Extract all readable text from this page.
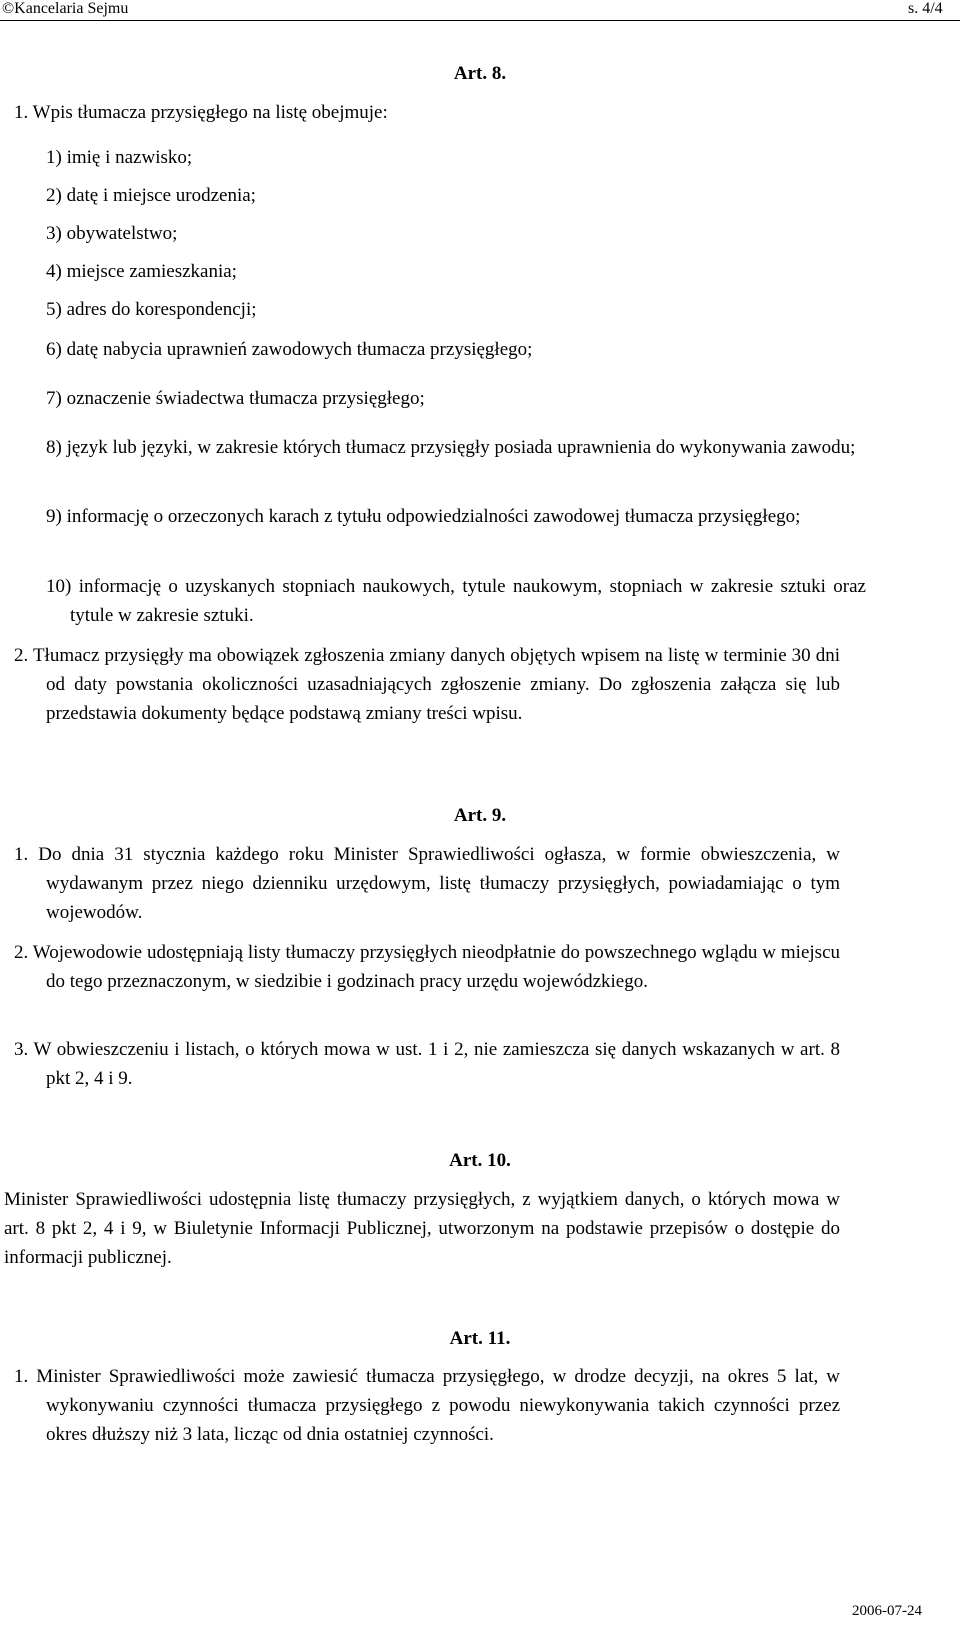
©Kancelaria Sejmu	s. 4/4
Art. 8.

1. Wpis tłumacza przysięgłego na listę obejmuje:

1) imię i nazwisko;

2) datę i miejsce urodzenia;

3) obywatelstwo;

4) miejsce zamieszkania;

5) adres do korespondencji;

6) datę nabycia uprawnień zawodowych tłumacza przysięgłego;

7) oznaczenie świadectwa tłumacza przysięgłego;

8) język lub języki, w zakresie których tłumacz przysięgły posiada uprawnienia do wykonywania zawodu;

9) informację o orzeczonych karach z tytułu odpowiedzialności zawodowej tłumacza przysięgłego;

10) informację o uzyskanych stopniach naukowych, tytule naukowym, stopniach w zakresie sztuki oraz tytule w zakresie sztuki.

2. Tłumacz przysięgły ma obowiązek zgłoszenia zmiany danych objętych wpisem na listę w terminie 30 dni od daty powstania okoliczności uzasadniających zgłoszenie zmiany. Do zgłoszenia załącza się lub przedstawia dokumenty będące podstawą zmiany treści wpisu.

Art. 9.

1. Do dnia 31 stycznia każdego roku Minister Sprawiedliwości ogłasza, w formie obwieszczenia, w wydawanym przez niego dzienniku urzędowym, listę tłumaczy przysięgłych, powiadamiając o tym wojewodów.

2. Wojewodowie udostępniają listy tłumaczy przysięgłych nieodpłatnie do powszechnego wglądu w miejscu do tego przeznaczonym, w siedzibie i godzinach pracy urzędu wojewódzkiego.

3. W obwieszczeniu i listach, o których mowa w ust. 1 i 2, nie zamieszcza się danych wskazanych w art. 8 pkt 2, 4 i 9.

Art. 10.

Minister Sprawiedliwości udostępnia listę tłumaczy przysięgłych, z wyjątkiem danych, o których mowa w art. 8 pkt 2, 4 i 9, w Biuletynie Informacji Publicznej, utworzonym na podstawie przepisów o dostępie do informacji publicznej.

Art. 11.

1. Minister Sprawiedliwości może zawiesić tłumacza przysięgłego, w drodze decyzji, na okres 5 lat, w wykonywaniu czynności tłumacza przysięgłego z powodu niewykonywania takich czynności przez okres dłuższy niż 3 lata, licząc od dnia ostatniej czynności.

2006-07-24
